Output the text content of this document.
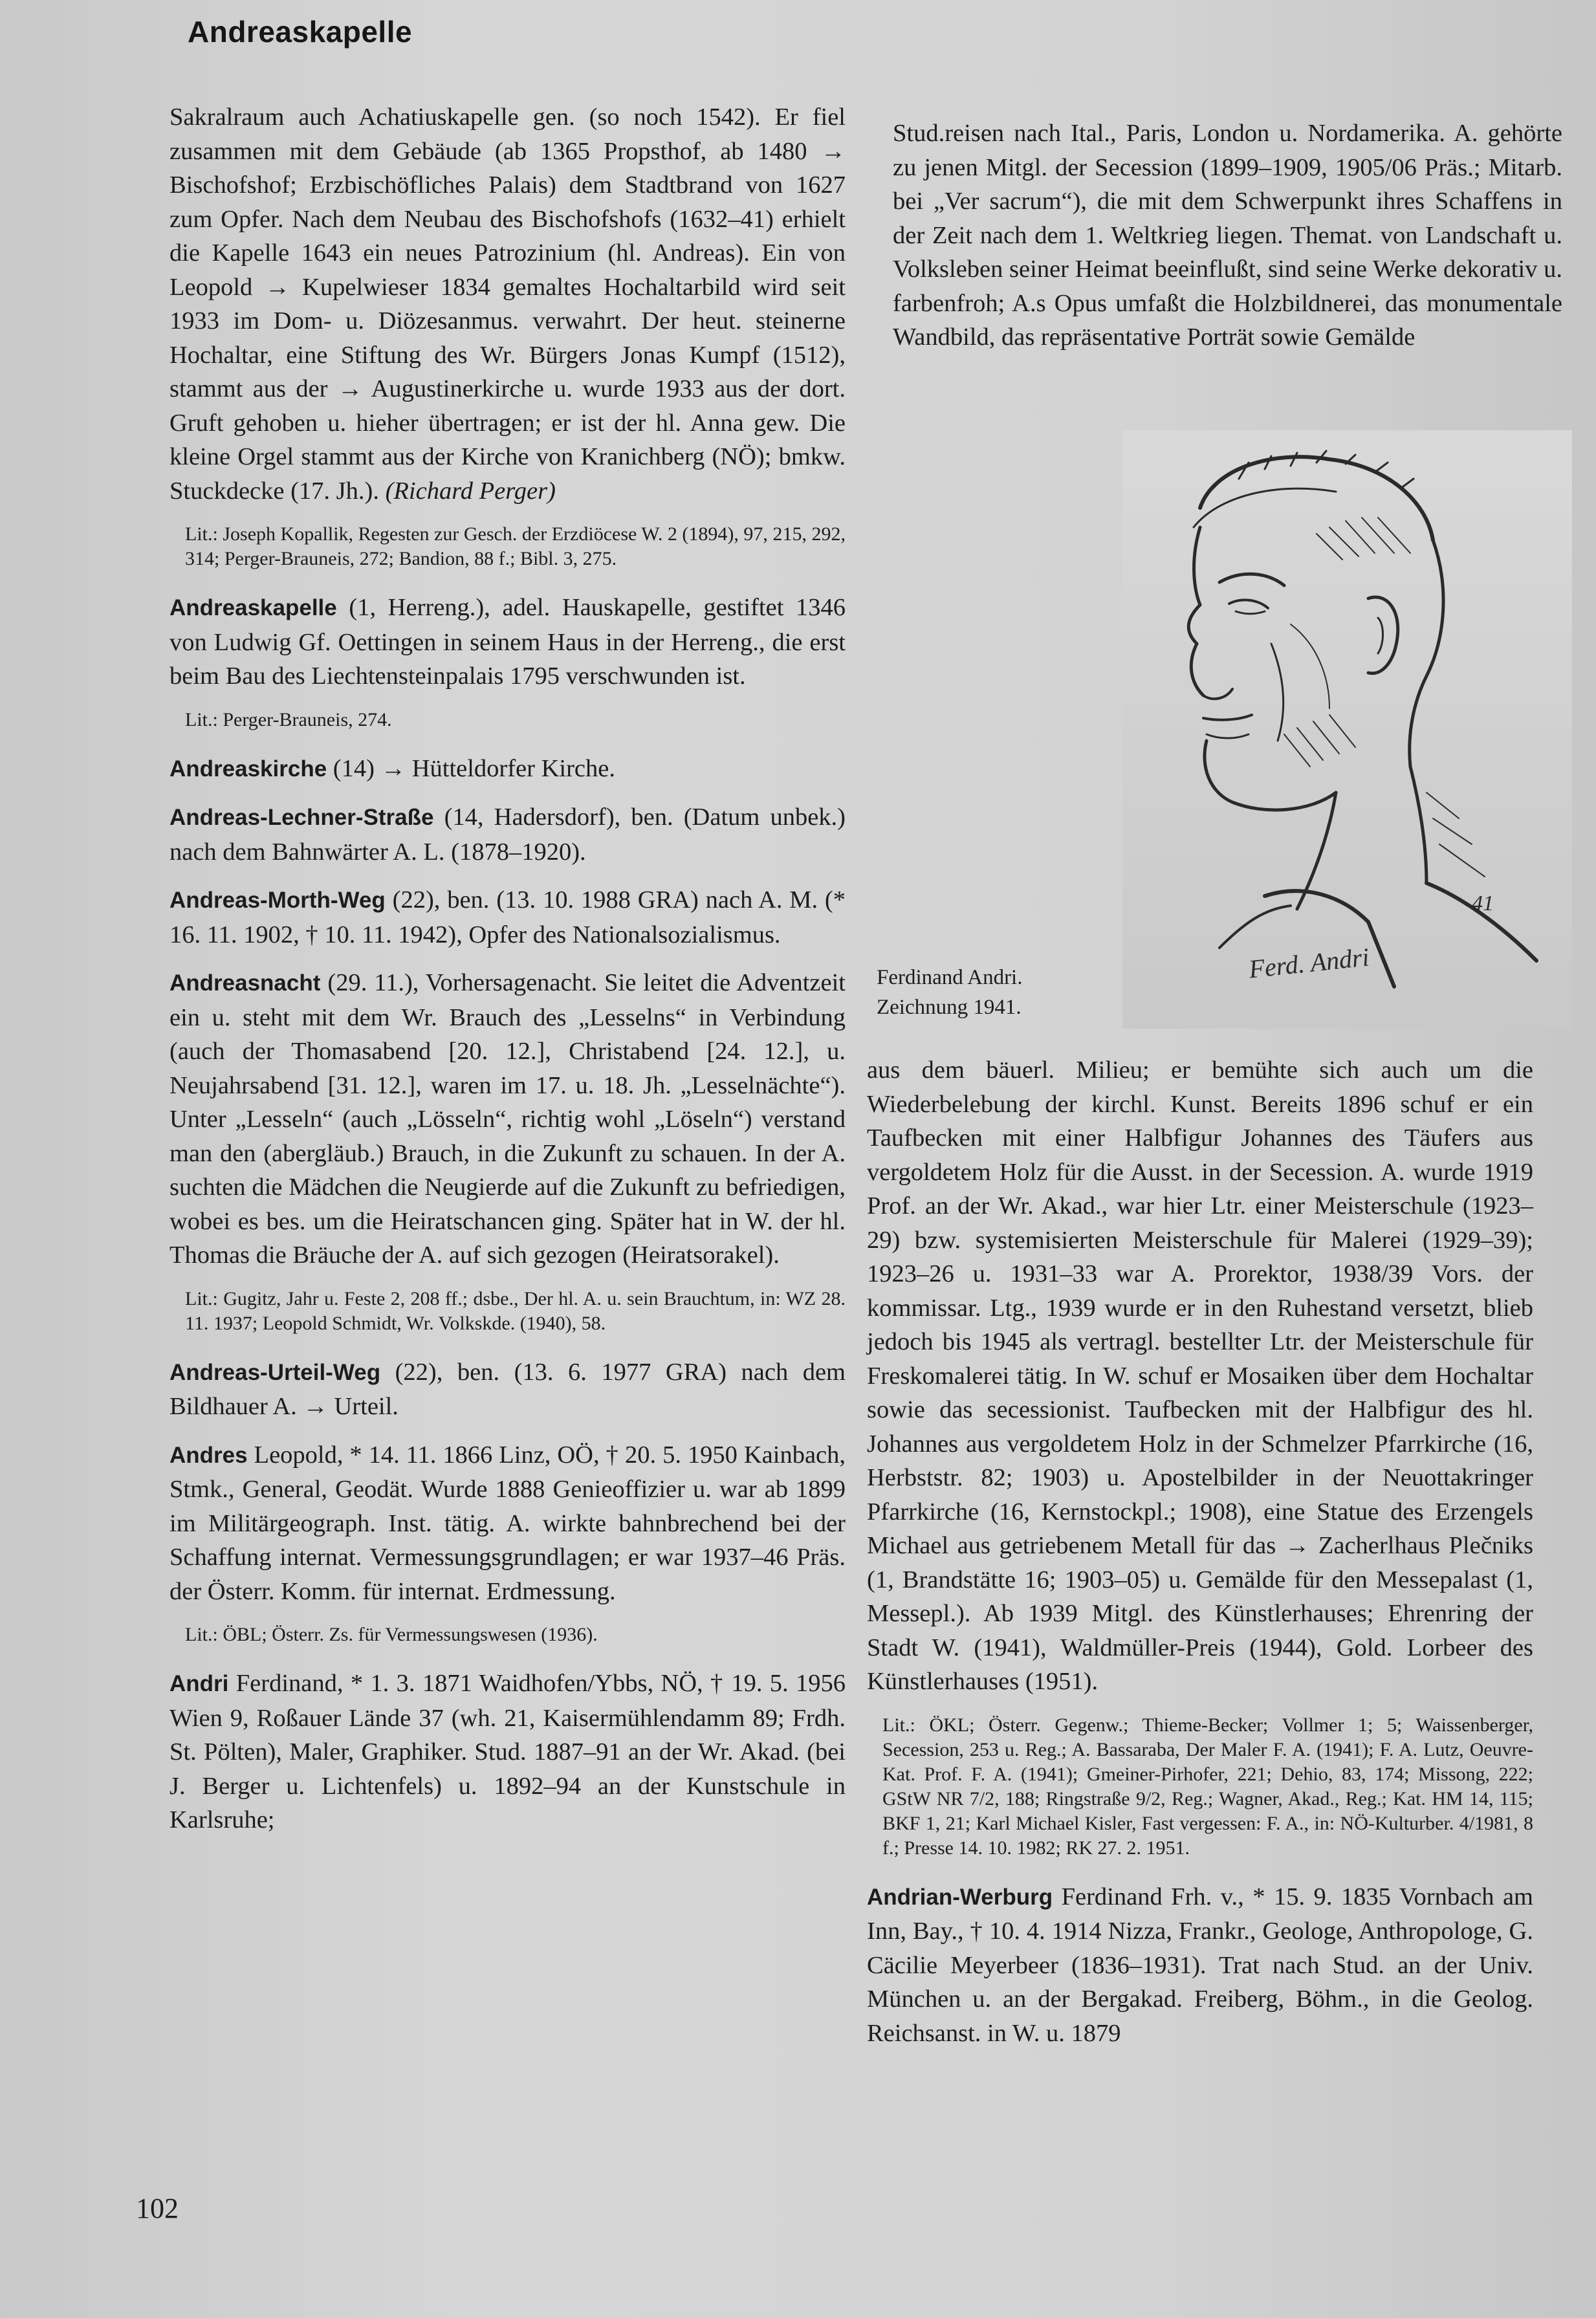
Andreaskapelle

Sakralraum auch Achatiuskapelle gen. (so noch 1542). Er fiel zusammen mit dem Gebäude (ab 1365 Propsthof, ab 1480 → Bischofshof; Erzbischöfliches Palais) dem Stadtbrand von 1627 zum Opfer. Nach dem Neubau des Bischofshofs (1632–41) erhielt die Kapelle 1643 ein neues Patrozinium (hl. Andreas). Ein von Leopold → Kupelwieser 1834 gemaltes Hochaltarbild wird seit 1933 im Dom- u. Diözesanmus. verwahrt. Der heut. steinerne Hochaltar, eine Stiftung des Wr. Bürgers Jonas Kumpf (1512), stammt aus der → Augustinerkirche u. wurde 1933 aus der dort. Gruft gehoben u. hieher übertragen; er ist der hl. Anna gew. Die kleine Orgel stammt aus der Kirche von Kranichberg (NÖ); bmkw. Stuckdecke (17. Jh.). (Richard Perger)

Lit.: Joseph Kopallik, Regesten zur Gesch. der Erzdiöcese W. 2 (1894), 97, 215, 292, 314; Perger-Brauneis, 272; Bandion, 88 f.; Bibl. 3, 275.

Andreaskapelle (1, Herreng.), adel. Hauskapelle, gestiftet 1346 von Ludwig Gf. Oettingen in seinem Haus in der Herreng., die erst beim Bau des Liechtensteinpalais 1795 verschwunden ist.

Lit.: Perger-Brauneis, 274.

Andreaskirche (14) → Hütteldorfer Kirche.

Andreas-Lechner-Straße (14, Hadersdorf), ben. (Datum unbek.) nach dem Bahnwärter A. L. (1878–1920).

Andreas-Morth-Weg (22), ben. (13. 10. 1988 GRA) nach A. M. (* 16. 11. 1902, † 10. 11. 1942), Opfer des Nationalsozialismus.

Andreasnacht (29. 11.), Vorhersagenacht. Sie leitet die Adventzeit ein u. steht mit dem Wr. Brauch des „Lesselns“ in Verbindung (auch der Thomasabend [20. 12.], Christabend [24. 12.], u. Neujahrsabend [31. 12.], waren im 17. u. 18. Jh. „Lesselnächte“). Unter „Lesseln“ (auch „Lösseln“, richtig wohl „Löseln“) verstand man den (abergläub.) Brauch, in die Zukunft zu schauen. In der A. suchten die Mädchen die Neugierde auf die Zukunft zu befriedigen, wobei es bes. um die Heiratschancen ging. Später hat in W. der hl. Thomas die Bräuche der A. auf sich gezogen (Heiratsorakel).

Lit.: Gugitz, Jahr u. Feste 2, 208 ff.; dsbe., Der hl. A. u. sein Brauchtum, in: WZ 28. 11. 1937; Leopold Schmidt, Wr. Volkskde. (1940), 58.

Andreas-Urteil-Weg (22), ben. (13. 6. 1977 GRA) nach dem Bildhauer A. → Urteil.

Andres Leopold, * 14. 11. 1866 Linz, OÖ, † 20. 5. 1950 Kainbach, Stmk., General, Geodät. Wurde 1888 Genieoffizier u. war ab 1899 im Militärgeograph. Inst. tätig. A. wirkte bahnbrechend bei der Schaffung internat. Vermessungsgrundlagen; er war 1937–46 Präs. der Österr. Komm. für internat. Erdmessung.

Lit.: ÖBL; Österr. Zs. für Vermessungswesen (1936).

Andri Ferdinand, * 1. 3. 1871 Waidhofen/Ybbs, NÖ, † 19. 5. 1956 Wien 9, Roßauer Lände 37 (wh. 21, Kaisermühlendamm 89; Frdh. St. Pölten), Maler, Graphiker. Stud. 1887–91 an der Wr. Akad. (bei J. Berger u. Lichtenfels) u. 1892–94 an der Kunstschule in Karlsruhe;

Stud.reisen nach Ital., Paris, London u. Nordamerika. A. gehörte zu jenen Mitgl. der Secession (1899–1909, 1905/06 Präs.; Mitarb. bei „Ver sacrum“), die mit dem Schwerpunkt ihres Schaffens in der Zeit nach dem 1. Weltkrieg liegen. Themat. von Landschaft u. Volksleben seiner Heimat beeinflußt, sind seine Werke dekorativ u. farbenfroh; A.s Opus umfaßt die Holzbildnerei, das monumentale Wandbild, das repräsentative Porträt sowie Gemälde

41
Ferd. Andri
Ferdinand Andri.
Zeichnung 1941.

aus dem bäuerl. Milieu; er bemühte sich auch um die Wiederbelebung der kirchl. Kunst. Bereits 1896 schuf er ein Taufbecken mit einer Halbfigur Johannes des Täufers aus vergoldetem Holz für die Ausst. in der Secession. A. wurde 1919 Prof. an der Wr. Akad., war hier Ltr. einer Meisterschule (1923–29) bzw. systemisierten Meisterschule für Malerei (1929–39); 1923–26 u. 1931–33 war A. Prorektor, 1938/39 Vors. der kommissar. Ltg., 1939 wurde er in den Ruhestand versetzt, blieb jedoch bis 1945 als vertragl. bestellter Ltr. der Meisterschule für Freskomalerei tätig. In W. schuf er Mosaiken über dem Hochaltar sowie das secessionist. Taufbecken mit der Halbfigur des hl. Johannes aus vergoldetem Holz in der Schmelzer Pfarrkirche (16, Herbststr. 82; 1903) u. Apostelbilder in der Neuottakringer Pfarrkirche (16, Kernstockpl.; 1908), eine Statue des Erzengels Michael aus getriebenem Metall für das → Zacherlhaus Plečniks (1, Brandstätte 16; 1903–05) u. Gemälde für den Messepalast (1, Messepl.). Ab 1939 Mitgl. des Künstlerhauses; Ehrenring der Stadt W. (1941), Waldmüller-Preis (1944), Gold. Lorbeer des Künstlerhauses (1951).

Lit.: ÖKL; Österr. Gegenw.; Thieme-Becker; Vollmer 1; 5; Waissenberger, Secession, 253 u. Reg.; A. Bassaraba, Der Maler F. A. (1941); F. A. Lutz, Oeuvre-Kat. Prof. F. A. (1941); Gmeiner-Pirhofer, 221; Dehio, 83, 174; Missong, 222; GStW NR 7/2, 188; Ringstraße 9/2, Reg.; Wagner, Akad., Reg.; Kat. HM 14, 115; BKF 1, 21; Karl Michael Kisler, Fast vergessen: F. A., in: NÖ-Kulturber. 4/1981, 8 f.; Presse 14. 10. 1982; RK 27. 2. 1951.

Andrian-Werburg Ferdinand Frh. v., * 15. 9. 1835 Vornbach am Inn, Bay., † 10. 4. 1914 Nizza, Frankr., Geologe, Anthropologe, G. Cäcilie Meyerbeer (1836–1931). Trat nach Stud. an der Univ. München u. an der Bergakad. Freiberg, Böhm., in die Geolog. Reichsanst. in W. u. 1879

102
